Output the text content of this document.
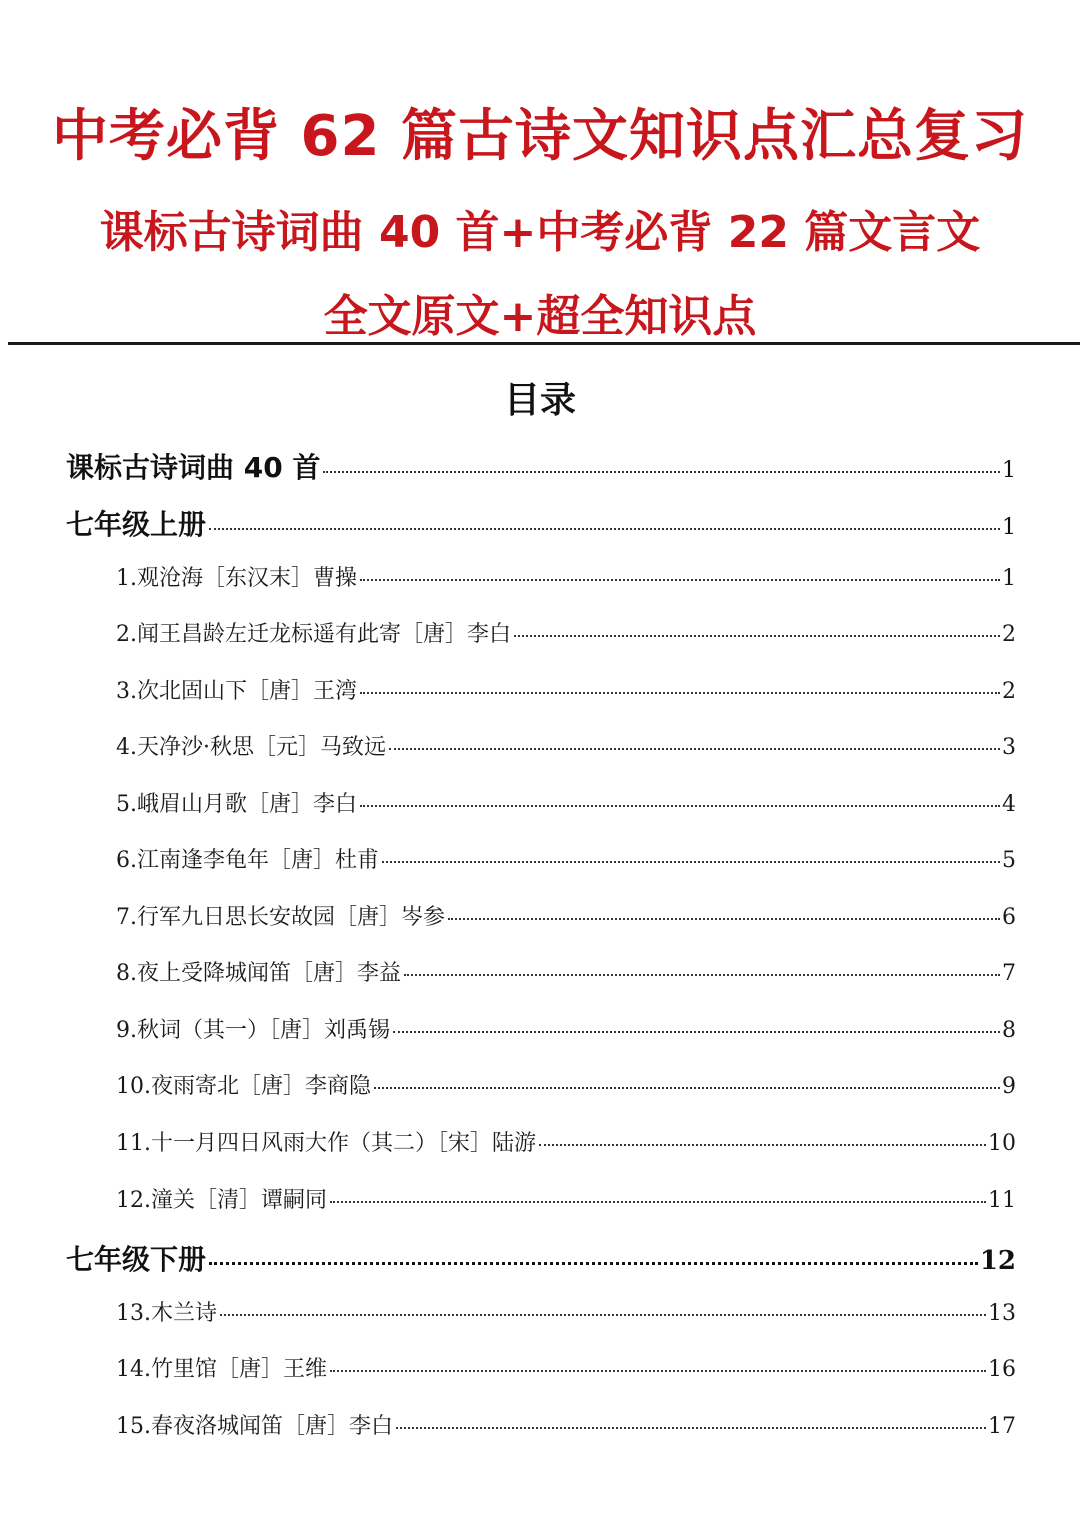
中考必背 62 篇古诗文知识点汇总复习
课标古诗词曲 40 首+中考必背 22 篇文言文
全文原文+超全知识点
目录
课标古诗词曲 40 首	1
七年级上册	1
1.观沧海［东汉末］曹操	1
2.闻王昌龄左迁龙标遥有此寄［唐］李白	2
3.次北固山下［唐］王湾	2
4.天净沙·秋思［元］马致远	3
5.峨眉山月歌［唐］李白	4
6.江南逢李龟年［唐］杜甫	5
7.行军九日思长安故园［唐］岑参	6
8.夜上受降城闻笛［唐］李益	7
9.秋词（其一）［唐］刘禹锡	8
10.夜雨寄北［唐］李商隐	9
11.十一月四日风雨大作（其二）［宋］陆游	10
12.潼关［清］谭嗣同	11
七年级下册	12
13.木兰诗	13
14.竹里馆［唐］王维	16
15.春夜洛城闻笛［唐］李白	17
